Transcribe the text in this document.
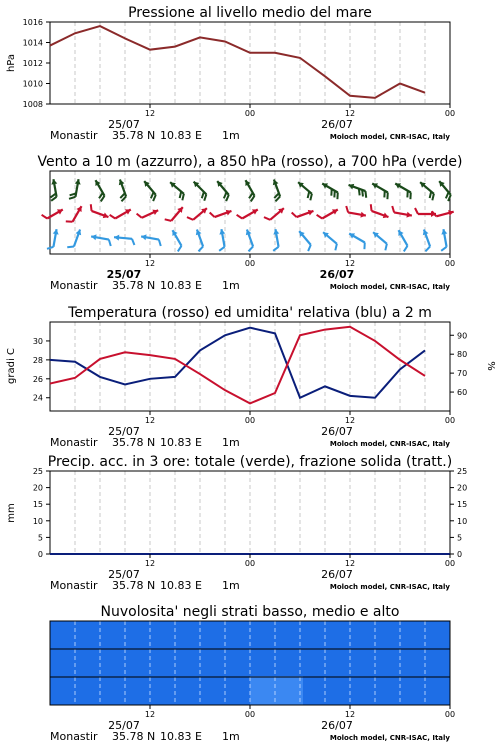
Pressione al livello medio del mare
1008
1010
1012
1014
1016
hPa
12	00	12	00
25/07	26/07
Monastir 35.78 N 10.83 E 1m	Moloch model, CNR-ISAC, Italy
Vento a 10 m (azzurro), a 850 hPa (rosso), a 700 hPa (verde)
12	00	12	00
25/07	26/07
Monastir 35.78 N 10.83 E 1m	Moloch model, CNR-ISAC, Italy
Temperatura (rosso) ed umidita' relativa (blu) a 2 m
24
26
28
30
60
70
80
90
gradi C	%
12	00	12	00
25/07	26/07
Monastir 35.78 N 10.83 E 1m	Moloch model, CNR-ISAC, Italy
Precip. acc. in 3 ore: totale (verde), frazione solida (tratt.)
0
5
10
15
20
25
0
5
10
15
20
25
mm
12	00	12	00
25/07	26/07
Monastir 35.78 N 10.83 E 1m	Moloch model, CNR-ISAC, Italy
Nuvolosita' negli strati basso, medio e alto
12	00	12	00
25/07	26/07
Monastir 35.78 N 10.83 E 1m	Moloch model, CNR-ISAC, Italy
